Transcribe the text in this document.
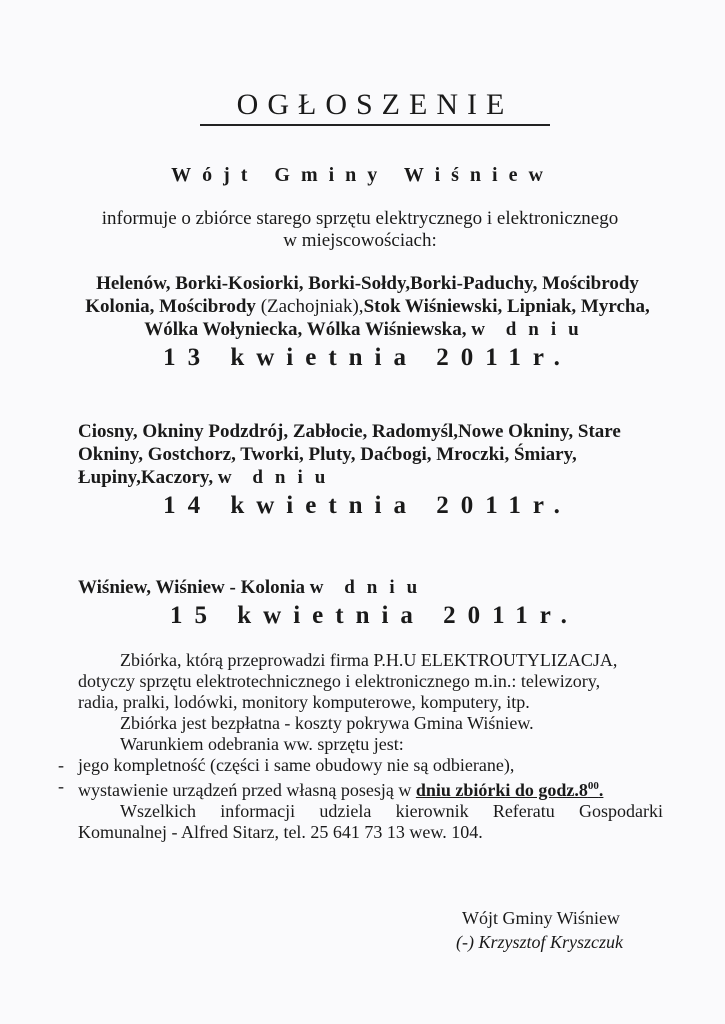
OGŁOSZENIE
Wójt Gminy Wiśniew
informuje o zbiórce starego sprzętu elektrycznego i elektronicznego
w miejscowościach:
Helenów, Borki-Kosiorki, Borki-Sołdy,Borki-Paduchy, Mościbrody
Kolonia, Mościbrody (Zachojniak),Stok Wiśniewski, Lipniak, Myrcha,
Wólka Wołyniecka, Wólka Wiśniewska, w dniu
13 kwietnia 2011r.
Ciosny, Okniny Podzdrój, Zabłocie, Radomyśl,Nowe Okniny, Stare
Okniny, Gostchorz, Tworki, Pluty, Daćbogi, Mroczki, Śmiary,
Łupiny,Kaczory, w dniu
14 kwietnia 2011r.
Wiśniew, Wiśniew - Kolonia w dniu
15 kwietnia 2011r.
Zbiórka, którą przeprowadzi firma P.H.U ELEKTROUTYLIZACJA,
dotyczy sprzętu elektrotechnicznego i elektronicznego m.in.: telewizory,
radia, pralki, lodówki, monitory komputerowe, komputery, itp.
Zbiórka jest bezpłatna - koszty pokrywa Gmina Wiśniew.
Warunkiem odebrania ww. sprzętu jest:
- jego kompletność (części i same obudowy nie są odbierane),
- wystawienie urządzeń przed własną posesją w dniu zbiórki do $godz.8^{00}$.
Wszelkich informacji udziela kierownik Referatu Gospodarki
Komunalnej - Alfred Sitarz, tel. 25 641 73 13 wew. 104.
Wójt Gminy Wiśniew
(-) Krzysztof Kryszczuk
